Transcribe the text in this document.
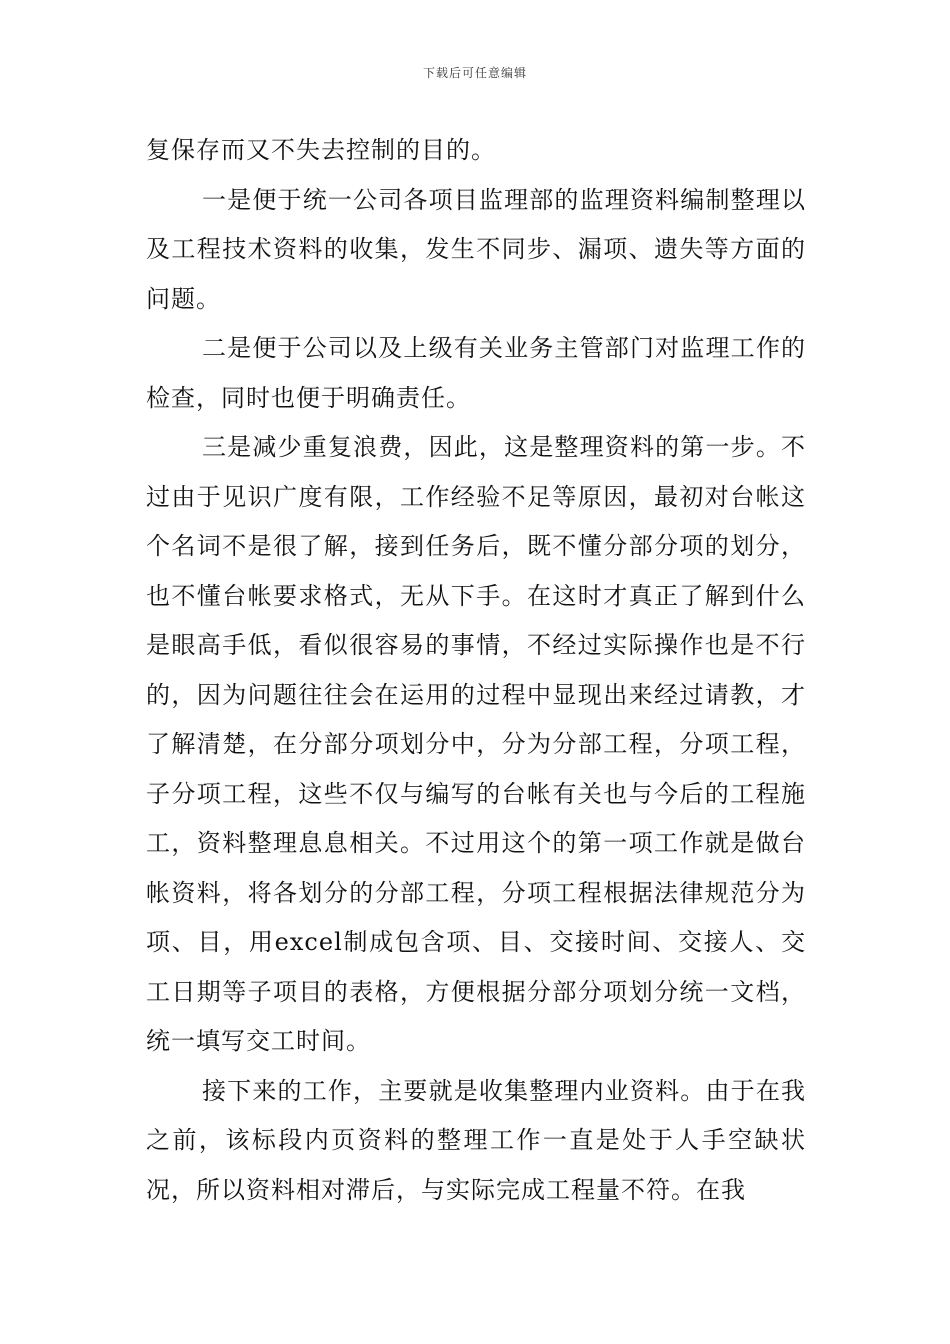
下载后可任意编辑

复保存而又不失去控制的目的。

一是便于统一公司各项目监理部的监理资料编制整理以及工程技术资料的收集，发生不同步、漏项、遗失等方面的问题。

二是便于公司以及上级有关业务主管部门对监理工作的检查，同时也便于明确责任。

三是减少重复浪费，因此，这是整理资料的第一步。不过由于见识广度有限，工作经验不足等原因，最初对台帐这个名词不是很了解，接到任务后，既不懂分部分项的划分，也不懂台帐要求格式，无从下手。在这时才真正了解到什么是眼高手低，看似很容易的事情，不经过实际操作也是不行的，因为问题往往会在运用的过程中显现出来经过请教，才了解清楚，在分部分项划分中，分为分部工程，分项工程，子分项工程，这些不仅与编写的台帐有关也与今后的工程施工，资料整理息息相关。不过用这个的第一项工作就是做台帐资料，将各划分的分部工程，分项工程根据法律规范分为项、目，用excel制成包含项、目、交接时间、交接人、交工日期等子项目的表格，方便根据分部分项划分统一文档，统一填写交工时间。

接下来的工作，主要就是收集整理内业资料。由于在我之前，该标段内页资料的整理工作一直是处于人手空缺状况，所以资料相对滞后，与实际完成工程量不符。在我
